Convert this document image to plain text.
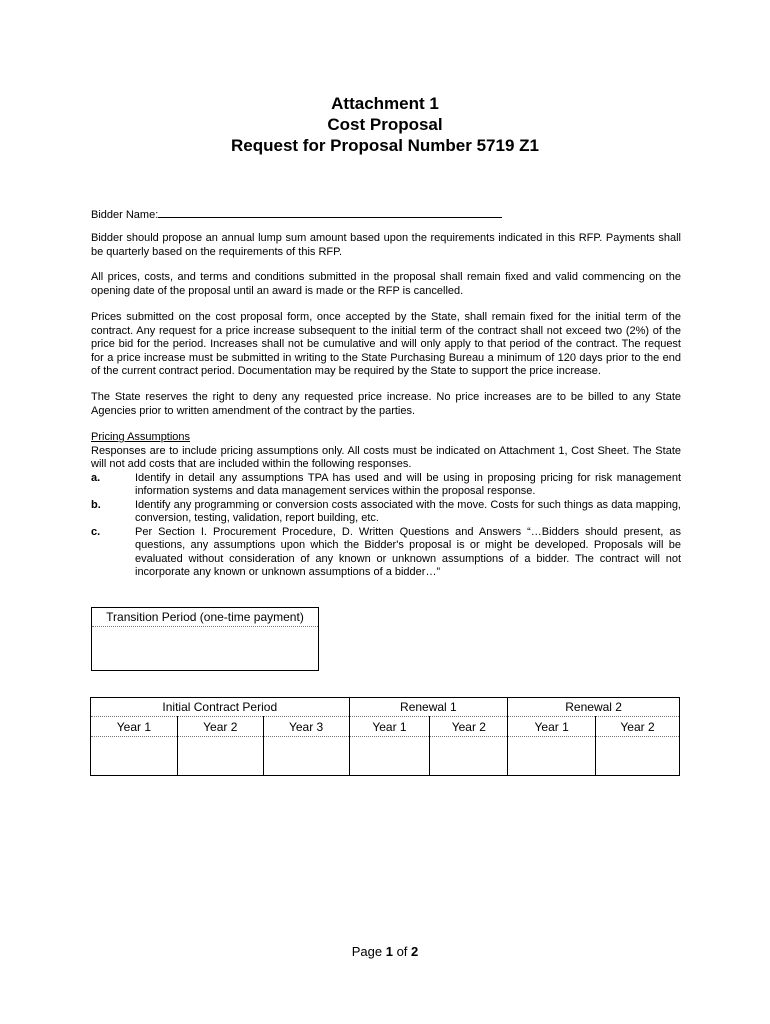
Attachment 1
Cost Proposal
Request for Proposal Number 5719 Z1
Bidder Name:

Bidder should propose an annual lump sum amount based upon the requirements indicated in this RFP. Payments shall be quarterly based on the requirements of this RFP.

All prices, costs, and terms and conditions submitted in the proposal shall remain fixed and valid commencing on the opening date of the proposal until an award is made or the RFP is cancelled.

Prices submitted on the cost proposal form, once accepted by the State, shall remain fixed for the initial term of the contract. Any request for a price increase subsequent to the initial term of the contract shall not exceed two (2%) of the price bid for the period. Increases shall not be cumulative and will only apply to that period of the contract. The request for a price increase must be submitted in writing to the State Purchasing Bureau a minimum of 120 days prior to the end of the current contract period. Documentation may be required by the State to support the price increase.

The State reserves the right to deny any requested price increase. No price increases are to be billed to any State Agencies prior to written amendment of the contract by the parties.

Pricing Assumptions
Responses are to include pricing assumptions only. All costs must be indicated on Attachment 1, Cost Sheet. The State will not add costs that are included within the following responses.
a.	Identify in detail any assumptions TPA has used and will be using in proposing pricing for risk management information systems and data management services within the proposal response.
b.	Identify any programming or conversion costs associated with the move. Costs for such things as data mapping, conversion, testing, validation, report building, etc.
c.	Per Section I. Procurement Procedure, D. Written Questions and Answers “…Bidders should present, as questions, any assumptions upon which the Bidder's proposal is or might be developed. Proposals will be evaluated without consideration of any known or unknown assumptions of a bidder. The contract will not incorporate any known or unknown assumptions of a bidder…”
Transition Period (one-time payment)
Initial Contract Period			Renewal 1		Renewal 2	
Year 1	Year 2	Year 3	Year 1	Year 2	Year 1	Year 2

Page 1 of 2
